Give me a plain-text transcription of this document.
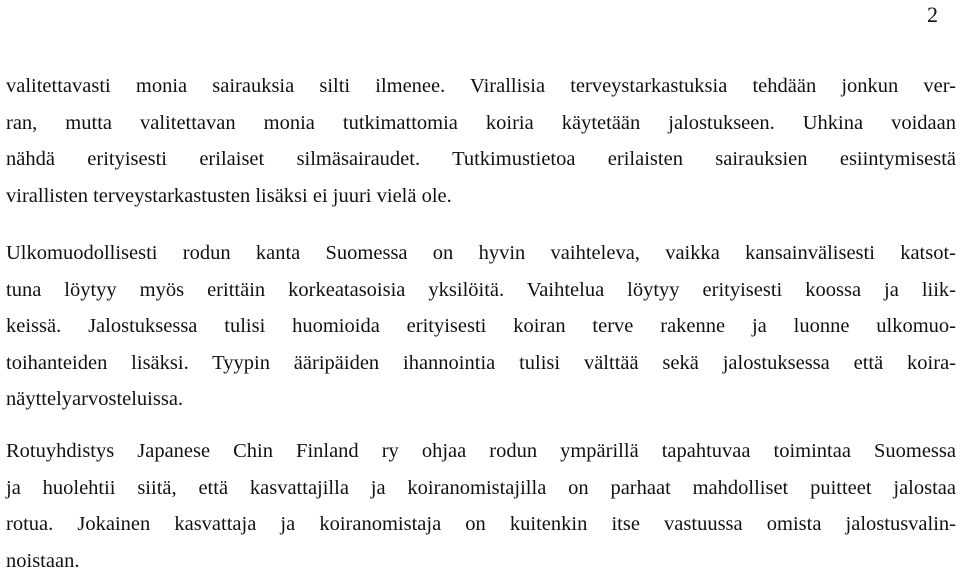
2
valitettavasti monia sairauksia silti ilmenee. Virallisia terveystarkastuksia tehdään jonkun ver-
ran, mutta valitettavan monia tutkimattomia koiria käytetään jalostukseen. Uhkina voidaan
nähdä erityisesti erilaiset silmäsairaudet. Tutkimustietoa erilaisten sairauksien esiintymisestä
virallisten terveystarkastusten lisäksi ei juuri vielä ole.
Ulkomuodollisesti rodun kanta Suomessa on hyvin vaihteleva, vaikka kansainvälisesti katsot-
tuna löytyy myös erittäin korkeatasoisia yksilöitä. Vaihtelua löytyy erityisesti koossa ja liik-
keissä. Jalostuksessa tulisi huomioida erityisesti koiran terve rakenne ja luonne ulkomuo-
toihanteiden lisäksi. Tyypin ääripäiden ihannointia tulisi välttää sekä jalostuksessa että koira-
näyttelyarvosteluissa.
Rotuyhdistys Japanese Chin Finland ry ohjaa rodun ympärillä tapahtuvaa toimintaa Suomessa
ja huolehtii siitä, että kasvattajilla ja koiranomistajilla on parhaat mahdolliset puitteet jalostaa
rotua. Jokainen kasvattaja ja koiranomistaja on kuitenkin itse vastuussa omista jalostusvalin-
noistaan.
